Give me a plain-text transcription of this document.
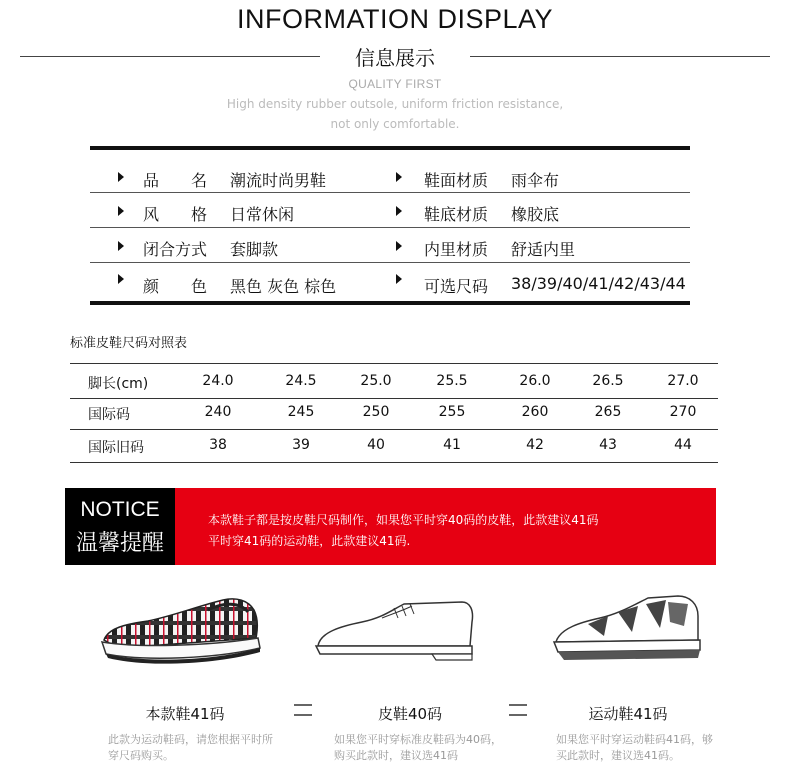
INFORMATION DISPLAY
信息展示
QUALITY FIRST
High density rubber outsole, uniform friction resistance,
not only comfortable.
品　　名 潮流时尚男鞋	鞋面材质 雨伞布
风　　格 日常休闲	鞋底材质 橡胶底
闭合方式 套脚款	内里材质 舒适内里
颜　　色 黑色 灰色 棕色	可选尺码 38/39/40/41/42/43/44
标准皮鞋尺码对照表
脚长(cm)	24.0	24.5	25.0	25.5	26.0	26.5	27.0
国际码	240	245	250	255	260	265	270
国际旧码	38	39	40	41	42	43	44
NOTICE
温馨提醒
本款鞋子都是按皮鞋尺码制作，如果您平时穿40码的皮鞋，此款建议41码
平时穿41码的运动鞋，此款建议41码.
本款鞋41码	皮鞋40码	运动鞋41码
此款为运动鞋码，请您根据平时所
穿尺码购买。
如果您平时穿标准皮鞋码为40码，
购买此款时，建议选41码
如果您平时穿运动鞋码41码，够
买此款时，建议选41码。
